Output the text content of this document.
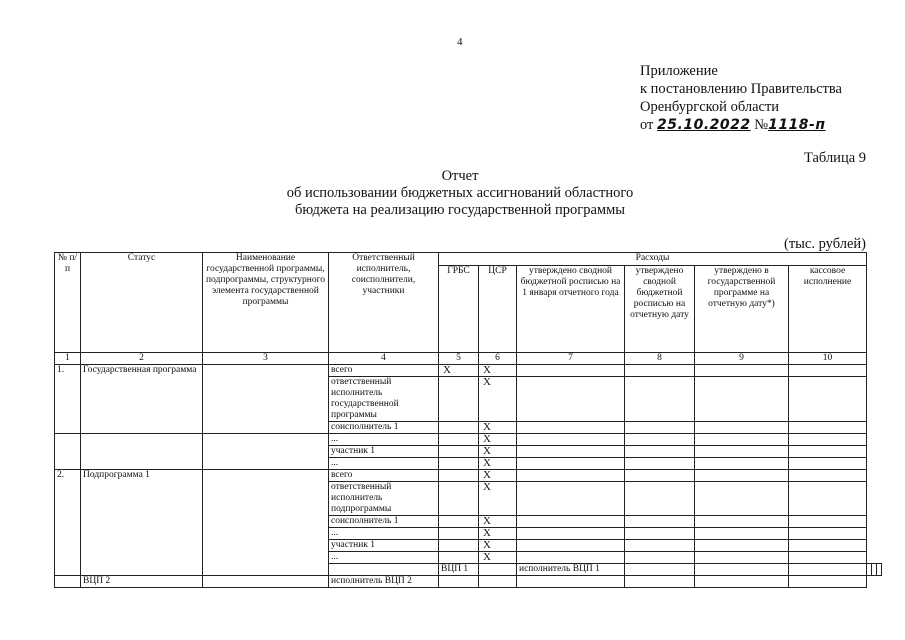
4
Приложение
к постановлению Правительства
Оренбургской области
от 25.10.2022 №1118-п
Таблица 9
Отчет
об использовании бюджетных ассигнований областного
бюджета на реализацию государственной программы
(тыс. рублей)
№ п/п	Статус	Наименование государственной программы, подпрограммы, структурного элемента государственной программы	Ответственный исполнитель, соисполнители, участники	Расходы								
				ГРБС	ЦСР	утверждено сводной бюджетной росписью на 1 января отчетного года	утверждено сводной бюджетной росписью на отчетную дату	утверждено в государственной программе на отчетную дату*)	кассовое исполнение			
1	2	3	4	5	6	7	8	9	10			
1.	Государственная программа		всего	X	X							
			ответственный исполнитель государственной программы		X							
			соисполнитель 1		X							
			...		X							
			участник 1		X							
			...		X							
2.	Подпрограмма 1		всего		X							
			ответственный исполнитель подпрограммы		X							
			соисполнитель 1		X							
			...		X							
			участник 1		X							
			...		X							
				ВЦП 1		исполнитель ВЦП 1						
	ВЦП 2		исполнитель ВЦП 2									
